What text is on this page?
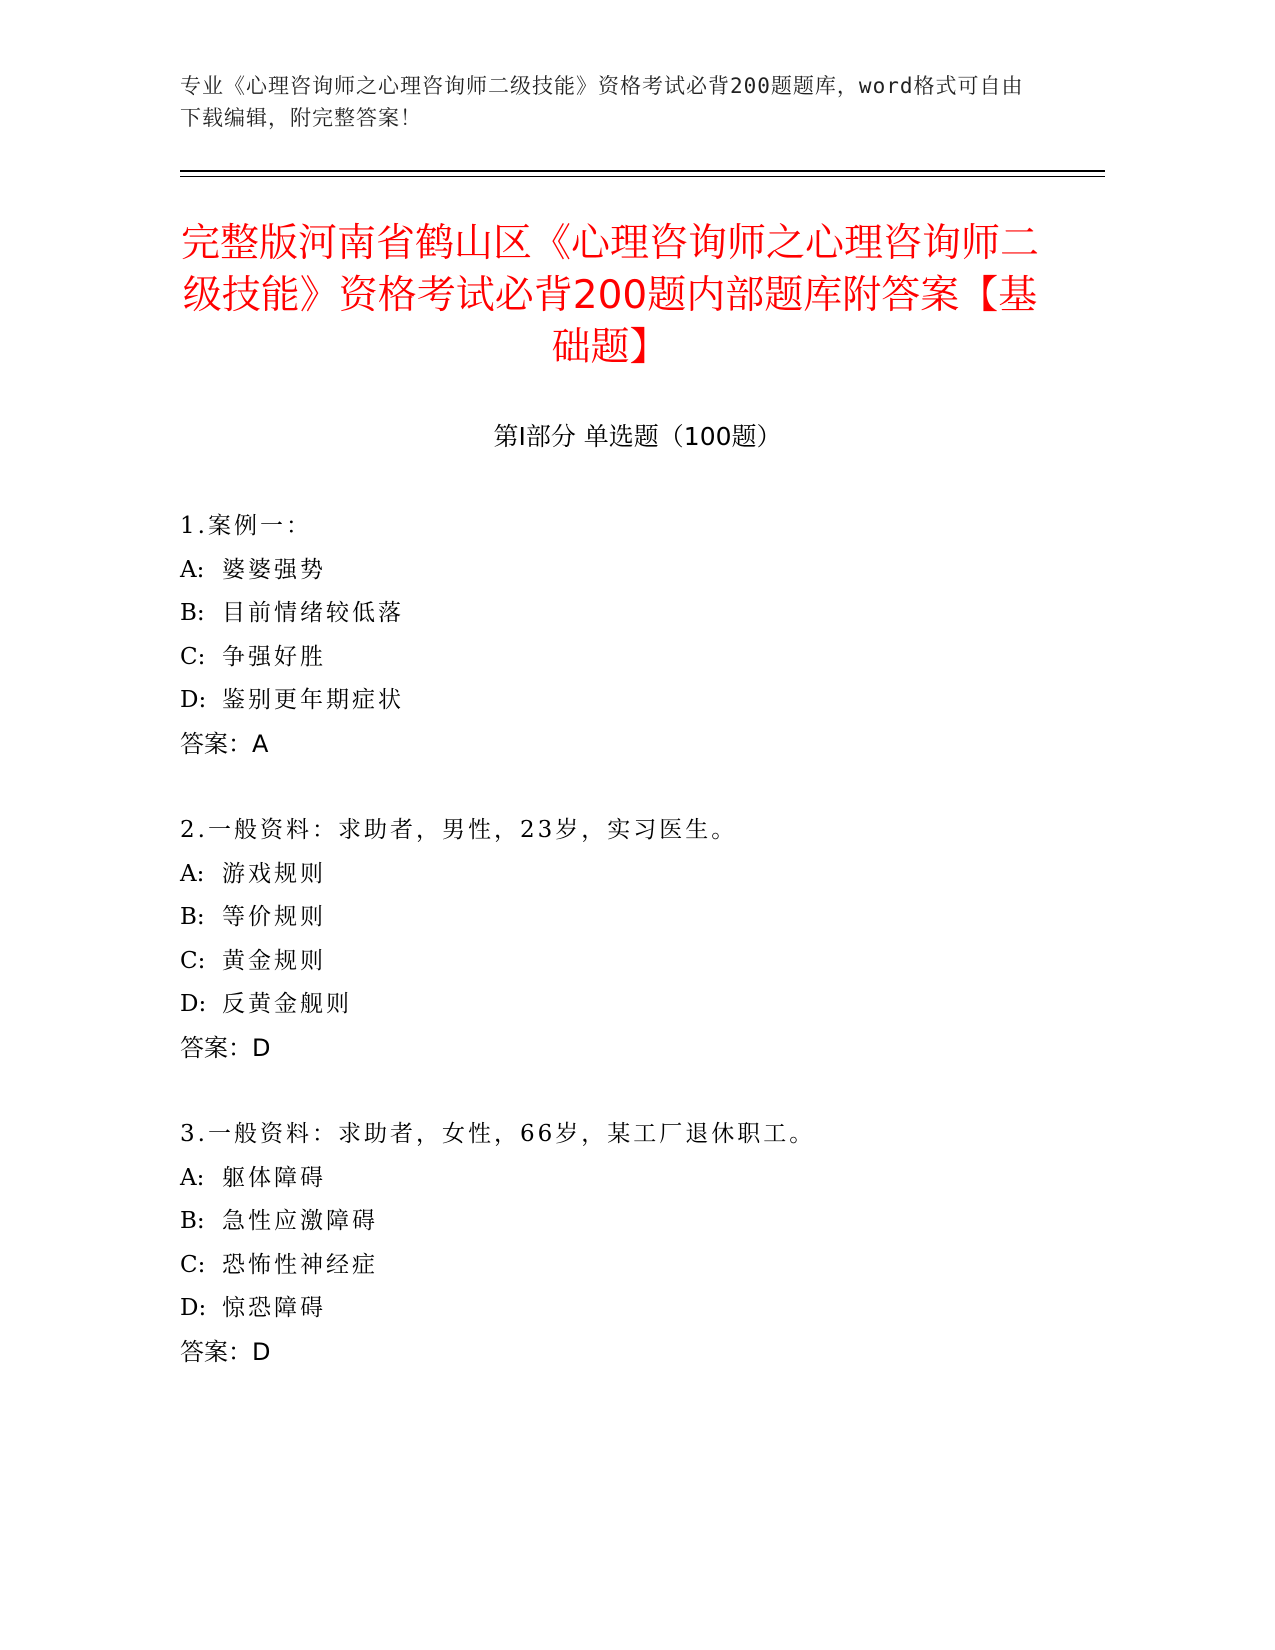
专业《心理咨询师之心理咨询师二级技能》资格考试必背200题题库，word格式可自由下载编辑，附完整答案！
完整版河南省鹤山区《心理咨询师之心理咨询师二级技能》资格考试必背200题内部题库附答案【基础题】
第Ⅰ部分 单选题（100题）
1.案例一：
A: 婆婆强势
B: 目前情绪较低落
C: 争强好胜
D: 鉴别更年期症状
答案：A
2.一般资料：求助者，男性，23岁，实习医生。
A: 游戏规则
B: 等价规则
C: 黄金规则
D: 反黄金舰则
答案：D
3.一般资料：求助者，女性，66岁，某工厂退休职工。
A: 躯体障碍
B: 急性应激障碍
C: 恐怖性神经症
D: 惊恐障碍
答案：D
